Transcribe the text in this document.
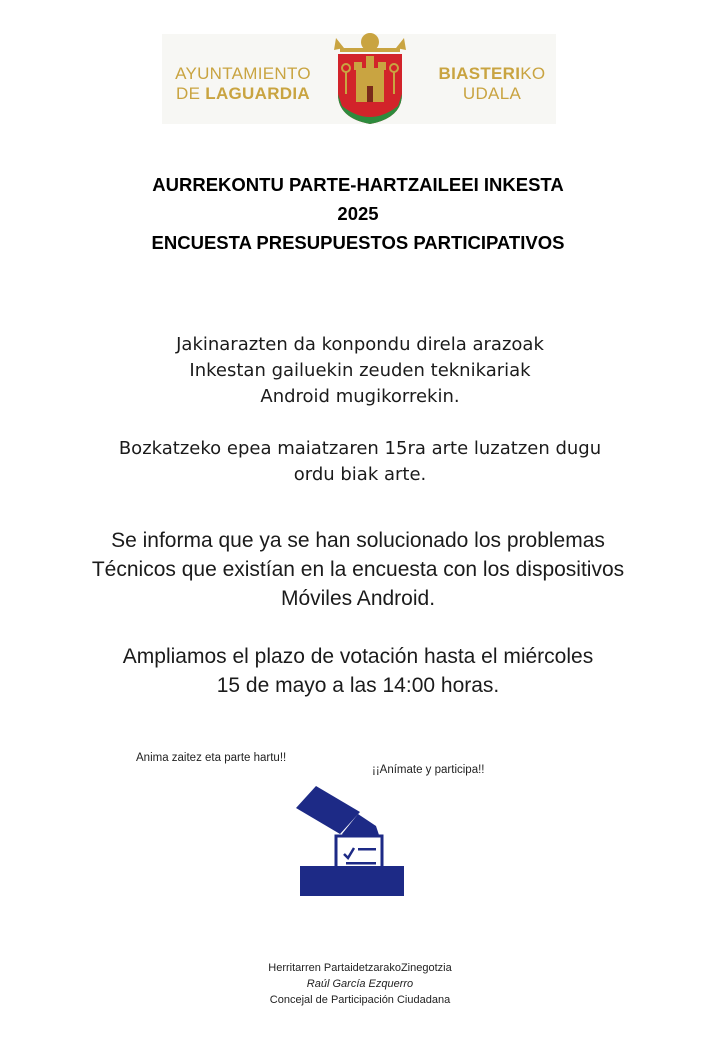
AYUNTAMIENTO
DE LAGUARDIA
BIASTERIKO
UDALA
AURREKONTU PARTE-HARTZAILEEI INKESTA
2025
ENCUESTA PRESUPUESTOS PARTICIPATIVOS

Jakinarazten da konpondu direla arazoak

Inkestan gailuekin zeuden teknikariak

Android mugikorrekin.

Bozkatzeko epea maiatzaren 15ra arte luzatzen dugu

ordu biak arte.

Se informa que ya se han solucionado los problemas

Técnicos que existían en la encuesta con los dispositivos

Móviles Android.

Ampliamos el plazo de votación hasta el miércoles

15 de mayo a las 14:00 horas.

Anima zaitez eta parte hartu!!
¡¡Anímate y participa!!
Herritarren PartaidetzarakoZinegotzia
Raúl García Ezquerro
Concejal de Participación Ciudadana
